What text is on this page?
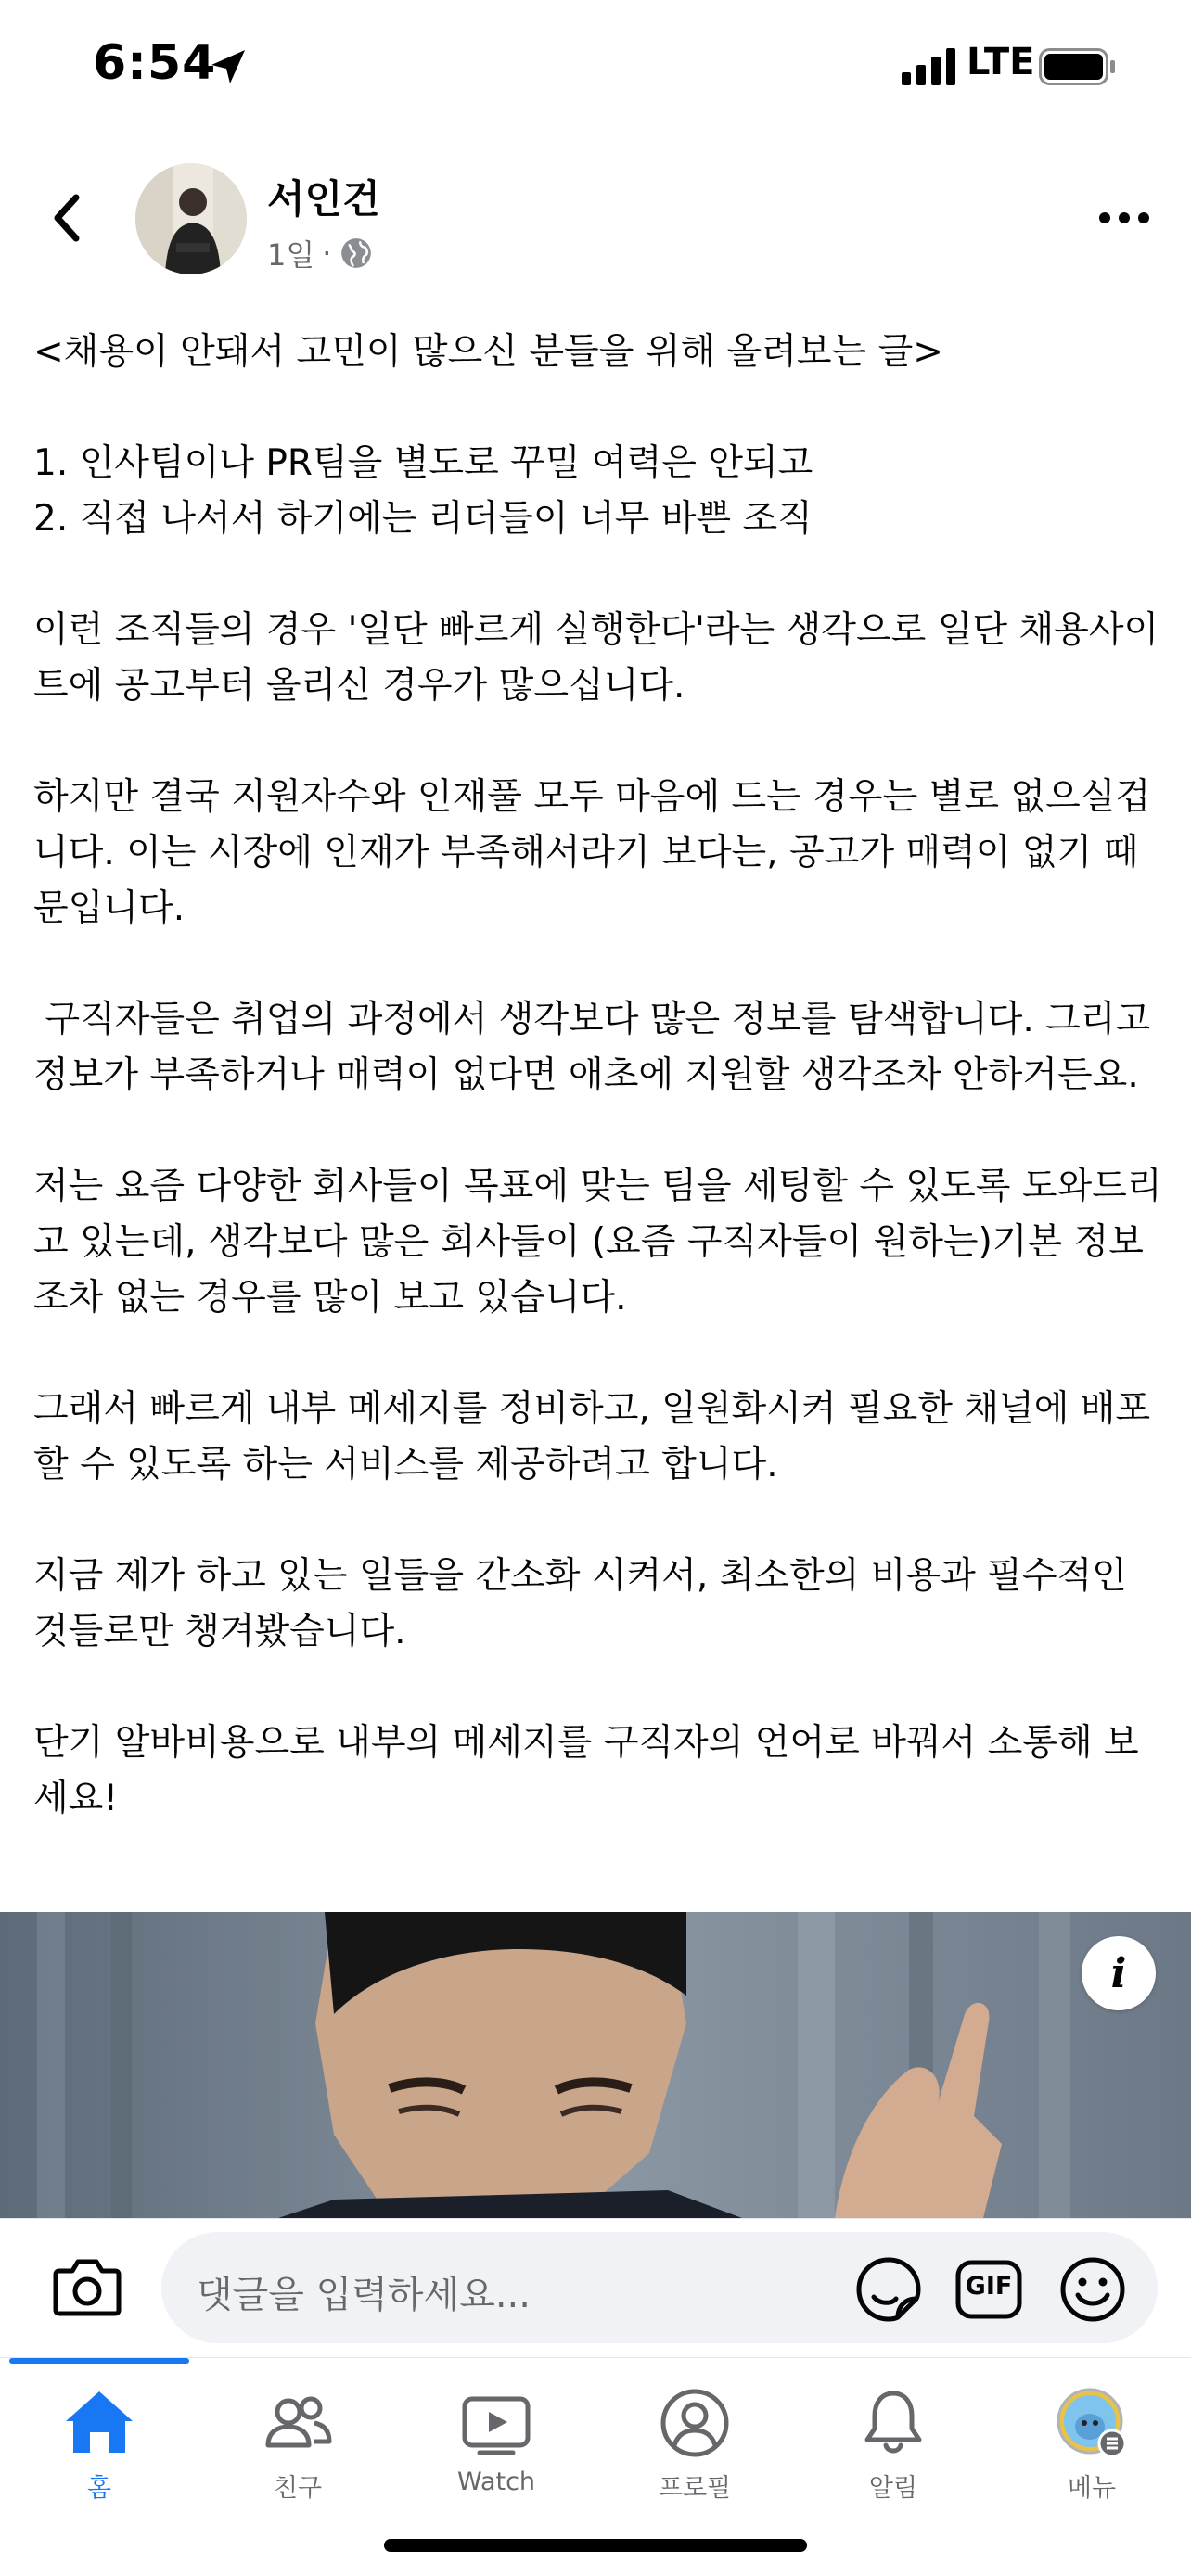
6:54	LTE
서인건
1일 ·

<채용이 안돼서 고민이 많으신 분들을 위해 올려보는 글>

1. 인사팀이나 PR팀을 별도로 꾸밀 여력은 안되고
2. 직접 나서서 하기에는 리더들이 너무 바쁜 조직

이런 조직들의 경우 '일단 빠르게 실행한다'라는 생각으로 일단 채용사이트에 공고부터 올리신 경우가 많으십니다.

하지만 결국 지원자수와 인재풀 모두 마음에 드는 경우는 별로 없으실겁니다. 이는 시장에 인재가 부족해서라기 보다는, 공고가 매력이 없기 때문입니다.

구직자들은 취업의 과정에서 생각보다 많은 정보를 탐색합니다. 그리고 정보가 부족하거나 매력이 없다면 애초에 지원할 생각조차 안하거든요.

저는 요즘 다양한 회사들이 목표에 맞는 팀을 세팅할 수 있도록 도와드리고 있는데, 생각보다 많은 회사들이 (요즘 구직자들이 원하는)기본 정보 조차 없는 경우를 많이 보고 있습니다.

그래서 빠르게 내부 메세지를 정비하고, 일원화시켜 필요한 채널에 배포할 수 있도록 하는 서비스를 제공하려고 합니다.

지금 제가 하고 있는 일들을 간소화 시켜서, 최소한의 비용과 필수적인 것들로만 챙겨봤습니다.

단기 알바비용으로 내부의 메세지를 구직자의 언어로 바꿔서 소통해 보세요!

i
댓글을 입력하세요...	GIF
홈	친구	Watch	프로필	알림	메뉴
